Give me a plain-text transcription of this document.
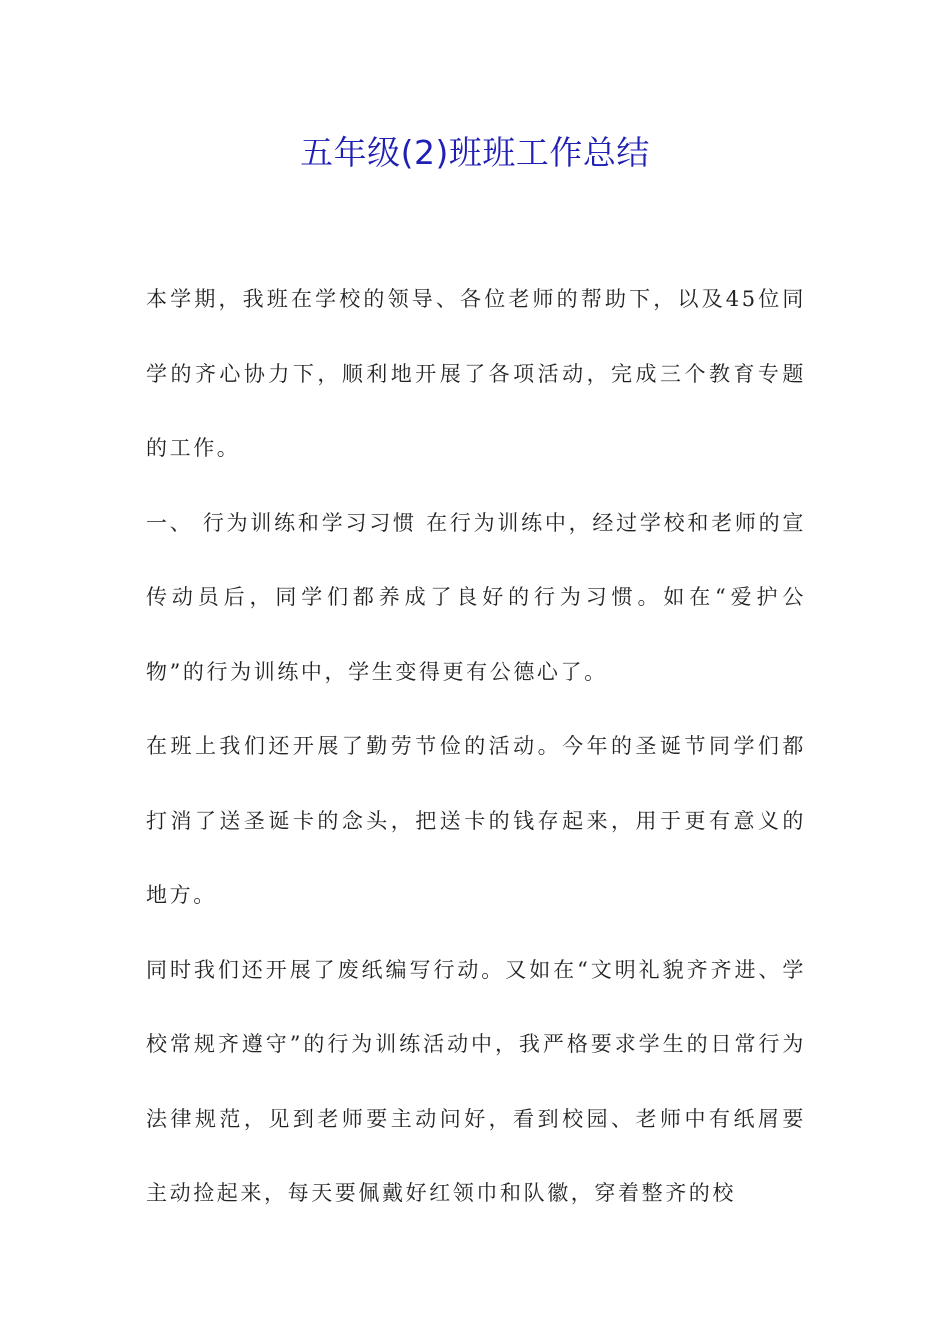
五年级(2)班班工作总结

本学期，我班在学校的领导、各位老师的帮助下，以及45位同学的齐心协力下，顺利地开展了各项活动，完成三个教育专题的工作。

一、 行为训练和学习习惯 在行为训练中，经过学校和老师的宣传动员后，同学们都养成了良好的行为习惯。如在“爱护公物”的行为训练中，学生变得更有公德心了。

在班上我们还开展了勤劳节俭的活动。今年的圣诞节同学们都打消了送圣诞卡的念头，把送卡的钱存起来，用于更有意义的地方。

同时我们还开展了废纸编写行动。又如在“文明礼貌齐齐进、学校常规齐遵守”的行为训练活动中，我严格要求学生的日常行为法律规范，见到老师要主动问好，看到校园、老师中有纸屑要主动捡起来，每天要佩戴好红领巾和队徽，穿着整齐的校
